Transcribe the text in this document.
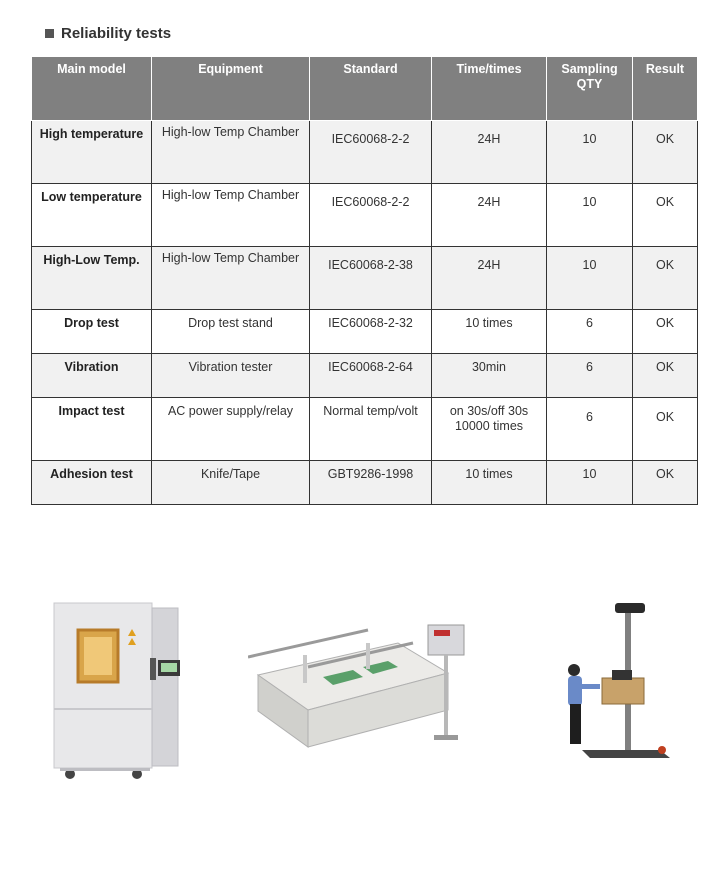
Reliability tests
Main model	Equipment	Standard	Time/times	Sampling QTY	Result
High temperature	High-low Temp Chamber	IEC60068-2-2	24H	10	OK
Low temperature	High-low Temp Chamber	IEC60068-2-2	24H	10	OK
High-Low Temp.	High-low Temp Chamber	IEC60068-2-38	24H	10	OK
Drop test	Drop test stand	IEC60068-2-32	10 times	6	OK
Vibration	Vibration tester	IEC60068-2-64	30min	6	OK
Impact test	AC power supply/relay	Normal temp/volt	on 30s/off 30s 10000 times	6	OK
Adhesion test	Knife/Tape	GBT9286-1998	10 times	10	OK
